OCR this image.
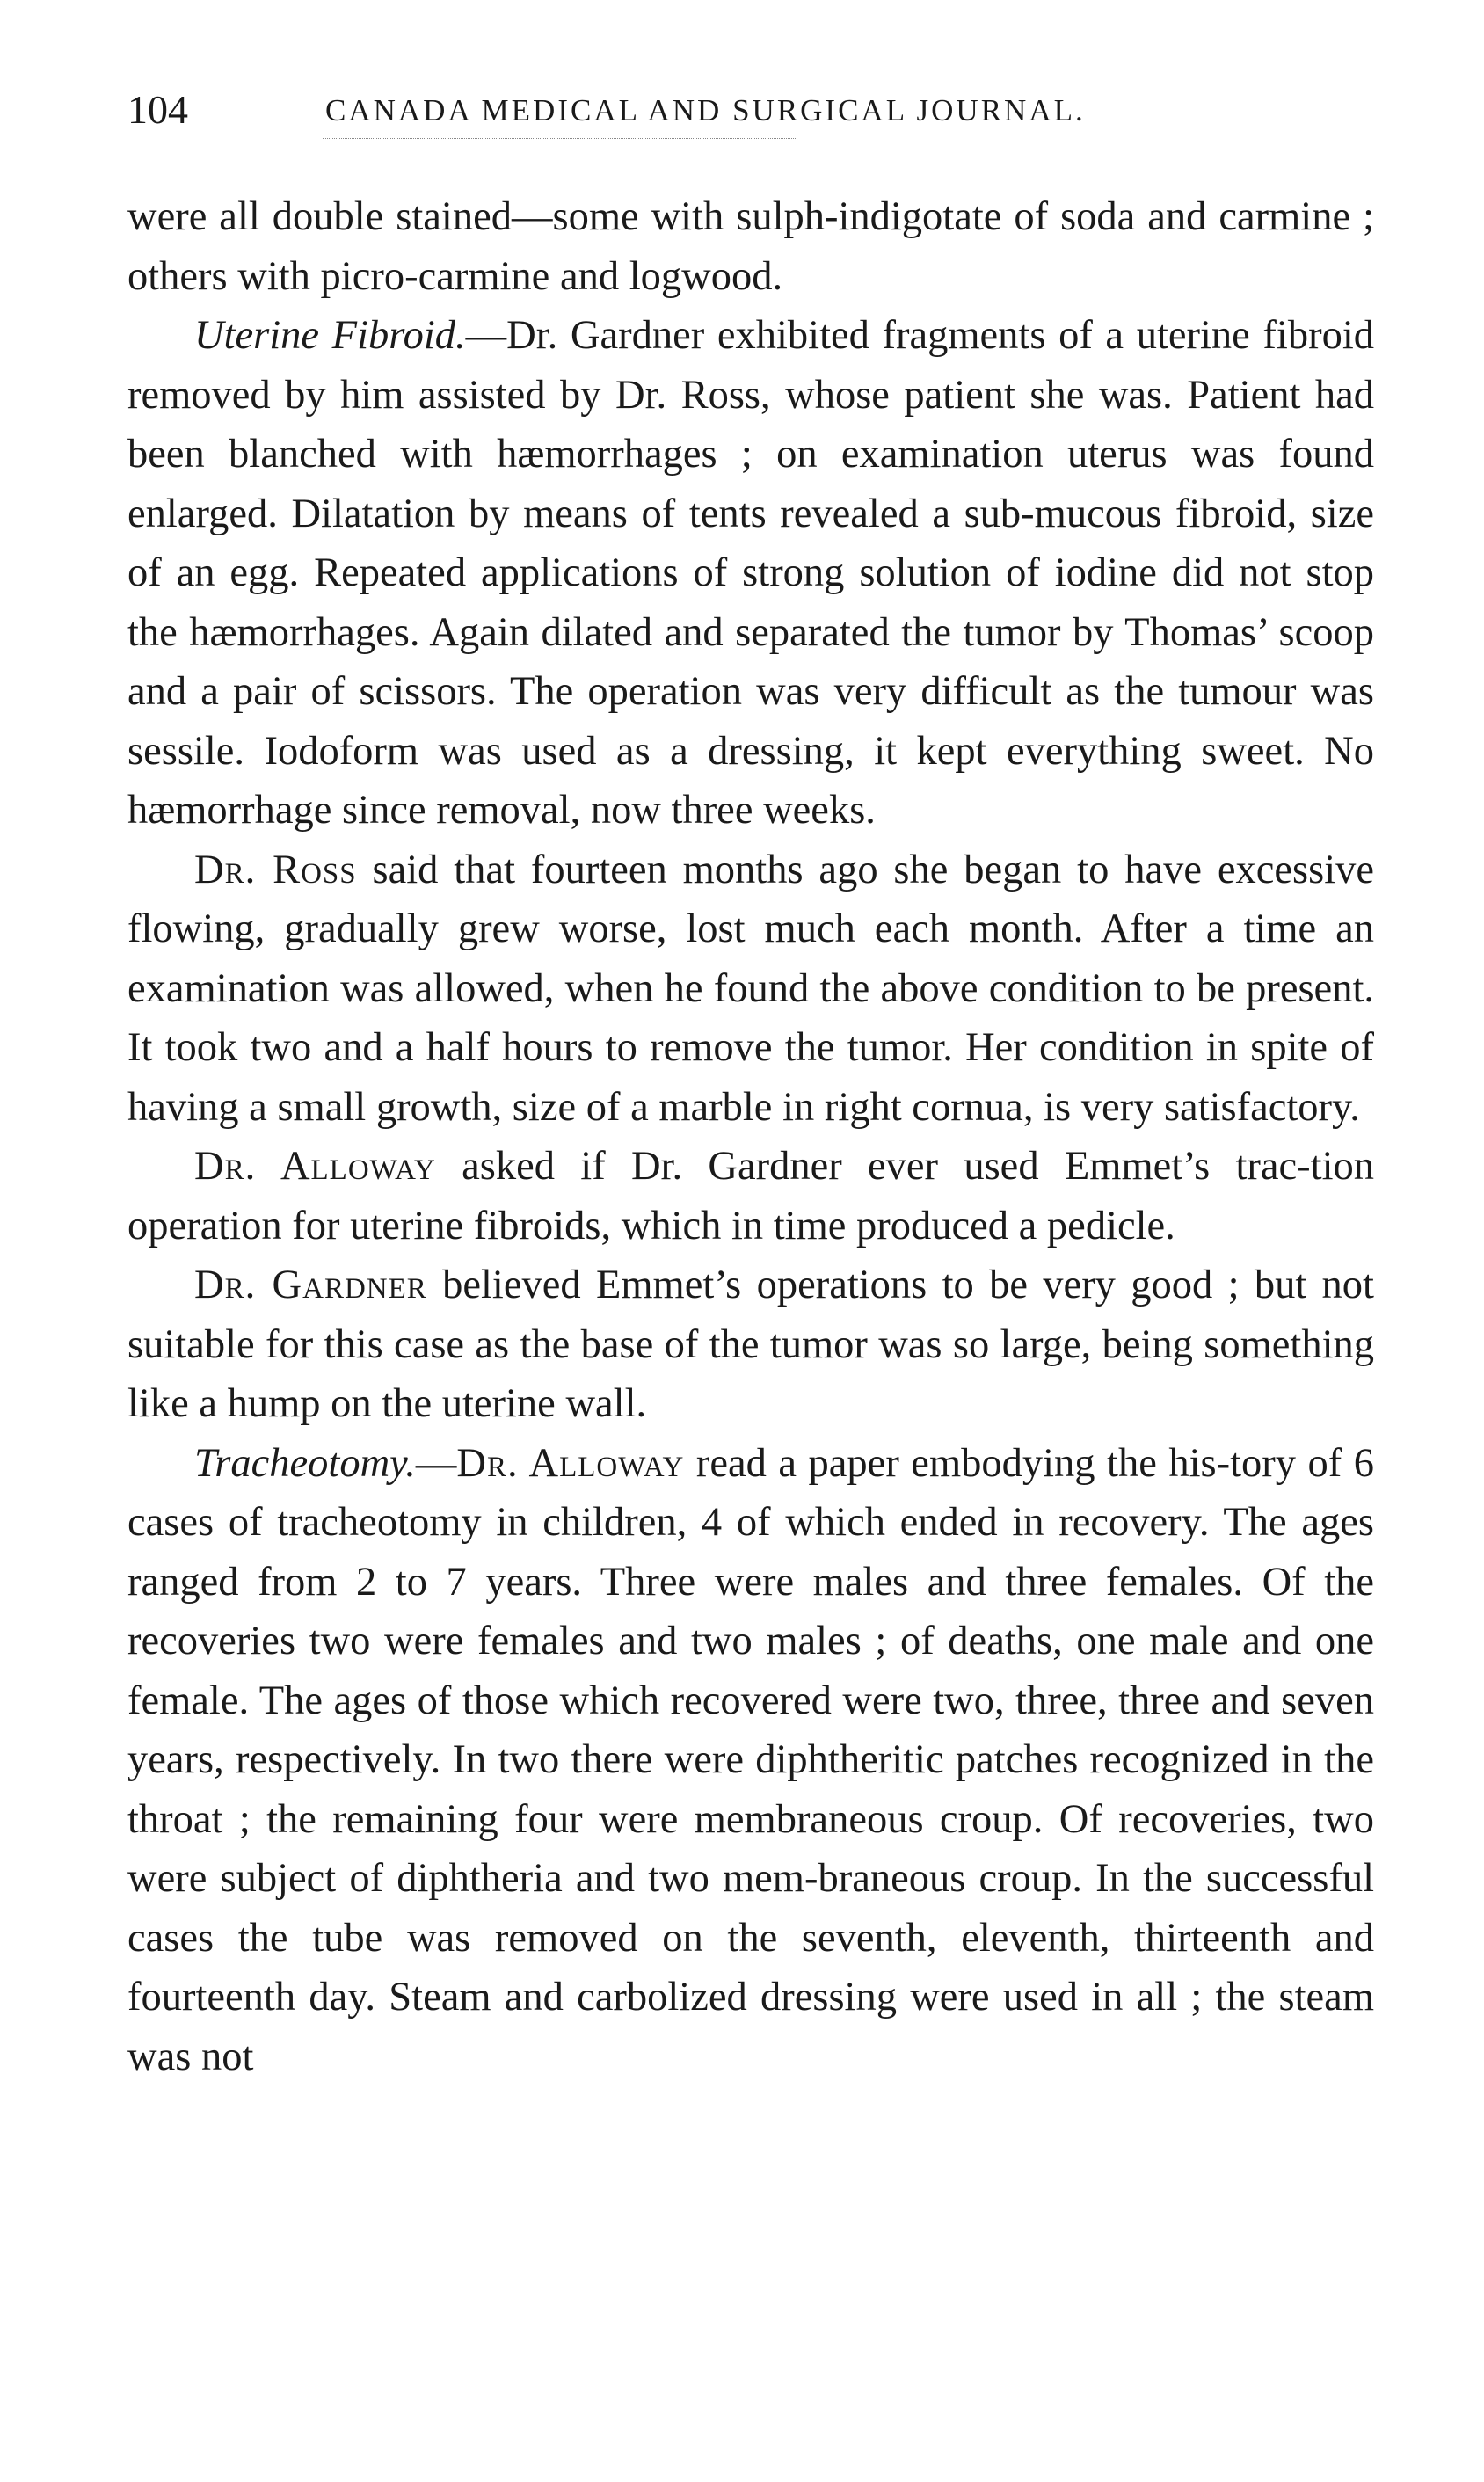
104	CANADA MEDICAL AND SURGICAL JOURNAL.

were all double stained—some with sulph-indigotate of soda and carmine ; others with picro-carmine and logwood.

Uterine Fibroid.—Dr. Gardner exhibited fragments of a uterine fibroid removed by him assisted by Dr. Ross, whose patient she was. Patient had been blanched with hæmorrhages ; on examination uterus was found enlarged. Dilatation by means of tents revealed a sub-mucous fibroid, size of an egg. Repeated applications of strong solution of iodine did not stop the hæmorrhages. Again dilated and separated the tumor by Thomas’ scoop and a pair of scissors. The operation was very difficult as the tumour was sessile. Iodoform was used as a dressing, it kept everything sweet. No hæmorrhage since removal, now three weeks.

Dr. Ross said that fourteen months ago she began to have excessive flowing, gradually grew worse, lost much each month. After a time an examination was allowed, when he found the above condition to be present. It took two and a half hours to remove the tumor. Her condition in spite of having a small growth, size of a marble in right cornua, is very satisfactory.

Dr. Alloway asked if Dr. Gardner ever used Emmet’s trac-tion operation for uterine fibroids, which in time produced a pedicle.

Dr. Gardner believed Emmet’s operations to be very good ; but not suitable for this case as the base of the tumor was so large, being something like a hump on the uterine wall.

Tracheotomy.—Dr. Alloway read a paper embodying the his-tory of 6 cases of tracheotomy in children, 4 of which ended in recovery. The ages ranged from 2 to 7 years. Three were males and three females. Of the recoveries two were females and two males ; of deaths, one male and one female. The ages of those which recovered were two, three, three and seven years, respectively. In two there were diphtheritic patches recognized in the throat ; the remaining four were membraneous croup. Of recoveries, two were subject of diphtheria and two mem-braneous croup. In the successful cases the tube was removed on the seventh, eleventh, thirteenth and fourteenth day. Steam and carbolized dressing were used in all ; the steam was not
